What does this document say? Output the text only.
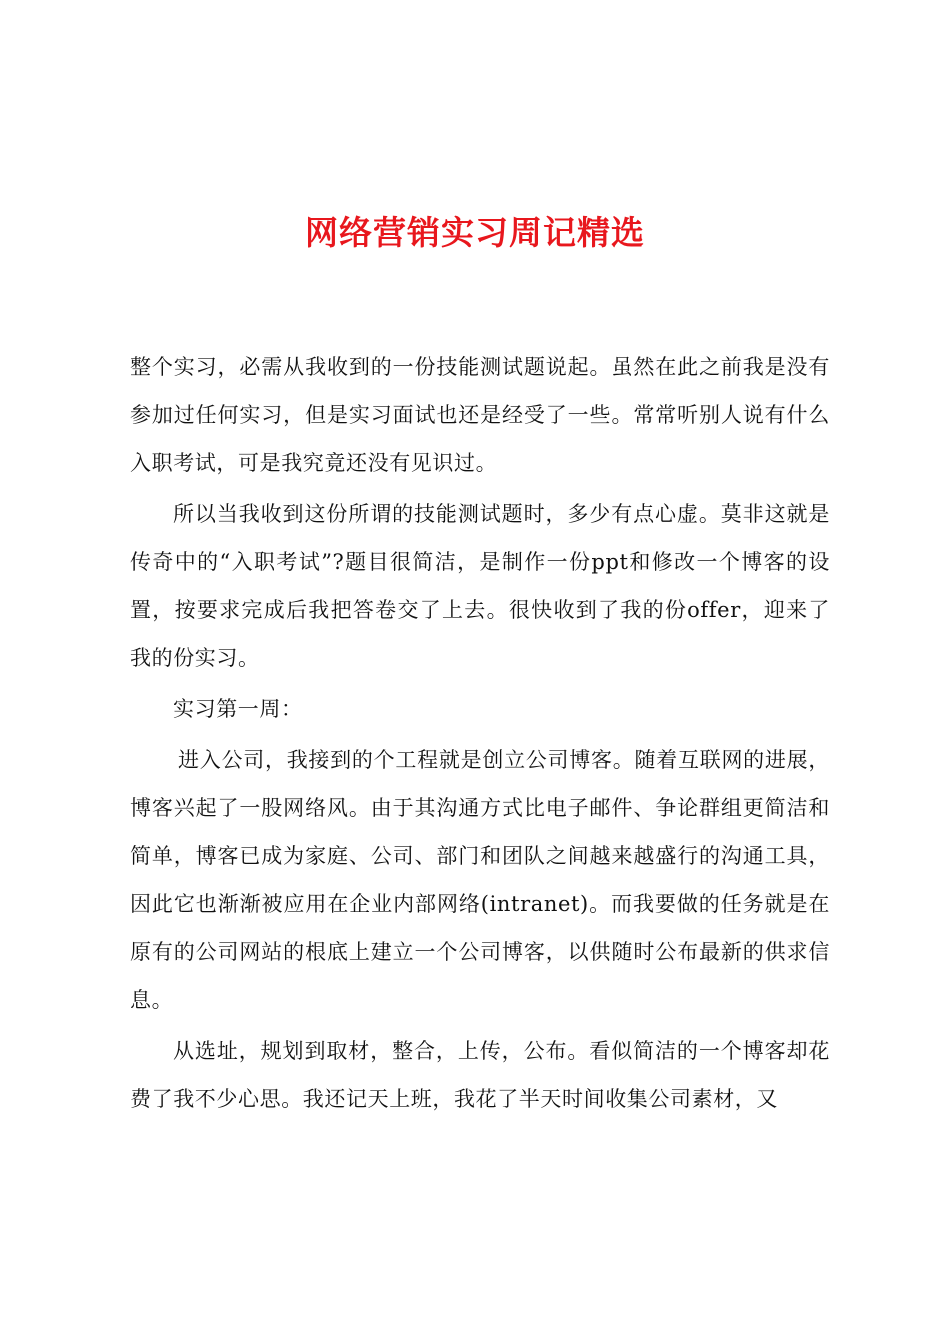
网络营销实习周记精选

整个实习，必需从我收到的一份技能测试题说起。虽然在此之前我是没有参加过任何实习，但是实习面试也还是经受了一些。常常听别人说有什么入职考试，可是我究竟还没有见识过。

所以当我收到这份所谓的技能测试题时，多少有点心虚。莫非这就是传奇中的“入职考试”?题目很简洁，是制作一份ppt和修改一个博客的设置，按要求完成后我把答卷交了上去。很快收到了我的份offer，迎来了我的份实习。

实习第一周：

进入公司，我接到的个工程就是创立公司博客。随着互联网的进展，博客兴起了一股网络风。由于其沟通方式比电子邮件、争论群组更简洁和简单，博客已成为家庭、公司、部门和团队之间越来越盛行的沟通工具，因此它也渐渐被应用在企业内部网络(intranet)。而我要做的任务就是在原有的公司网站的根底上建立一个公司博客，以供随时公布最新的供求信息。

从选址，规划到取材，整合，上传，公布。看似简洁的一个博客却花费了我不少心思。我还记天上班，我花了半天时间收集公司素材，又
